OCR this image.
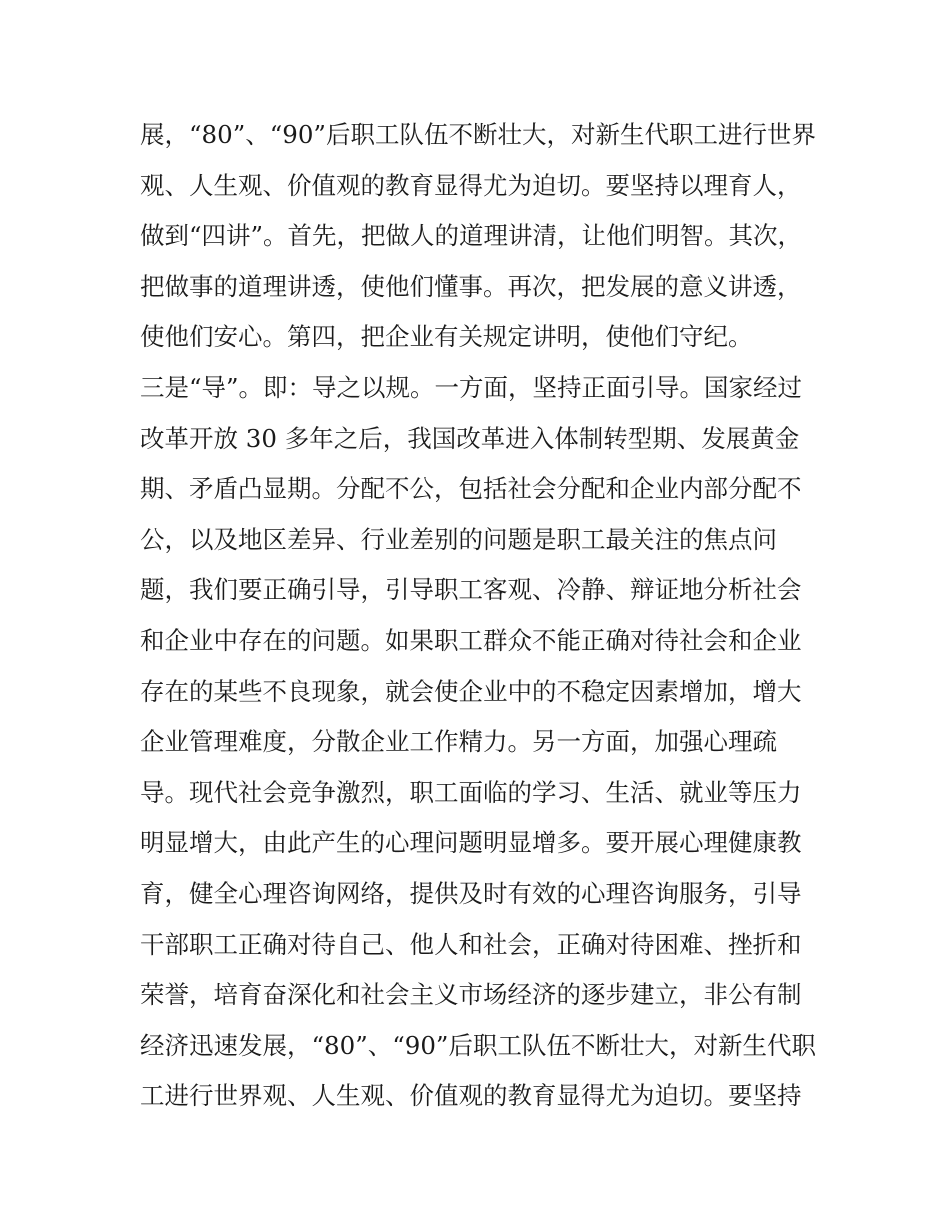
展，“80”、“90”后职工队伍不断壮大，对新生代职工进行世界
观、人生观、价值观的教育显得尤为迫切。要坚持以理育人，
做到“四讲”。首先，把做人的道理讲清，让他们明智。其次，
把做事的道理讲透，使他们懂事。再次，把发展的意义讲透，
使他们安心。第四，把企业有关规定讲明，使他们守纪。
三是“导”。即：导之以规。一方面，坚持正面引导。国家经过
改革开放 30 多年之后，我国改革进入体制转型期、发展黄金
期、矛盾凸显期。分配不公，包括社会分配和企业内部分配不
公，以及地区差异、行业差别的问题是职工最关注的焦点问
题，我们要正确引导，引导职工客观、冷静、辩证地分析社会
和企业中存在的问题。如果职工群众不能正确对待社会和企业
存在的某些不良现象，就会使企业中的不稳定因素增加，增大
企业管理难度，分散企业工作精力。另一方面，加强心理疏
导。现代社会竞争激烈，职工面临的学习、生活、就业等压力
明显增大，由此产生的心理问题明显增多。要开展心理健康教
育，健全心理咨询网络，提供及时有效的心理咨询服务，引导
干部职工正确对待自己、他人和社会，正确对待困难、挫折和
荣誉，培育奋深化和社会主义市场经济的逐步建立，非公有制
经济迅速发展，“80”、“90”后职工队伍不断壮大，对新生代职
工进行世界观、人生观、价值观的教育显得尤为迫切。要坚持
